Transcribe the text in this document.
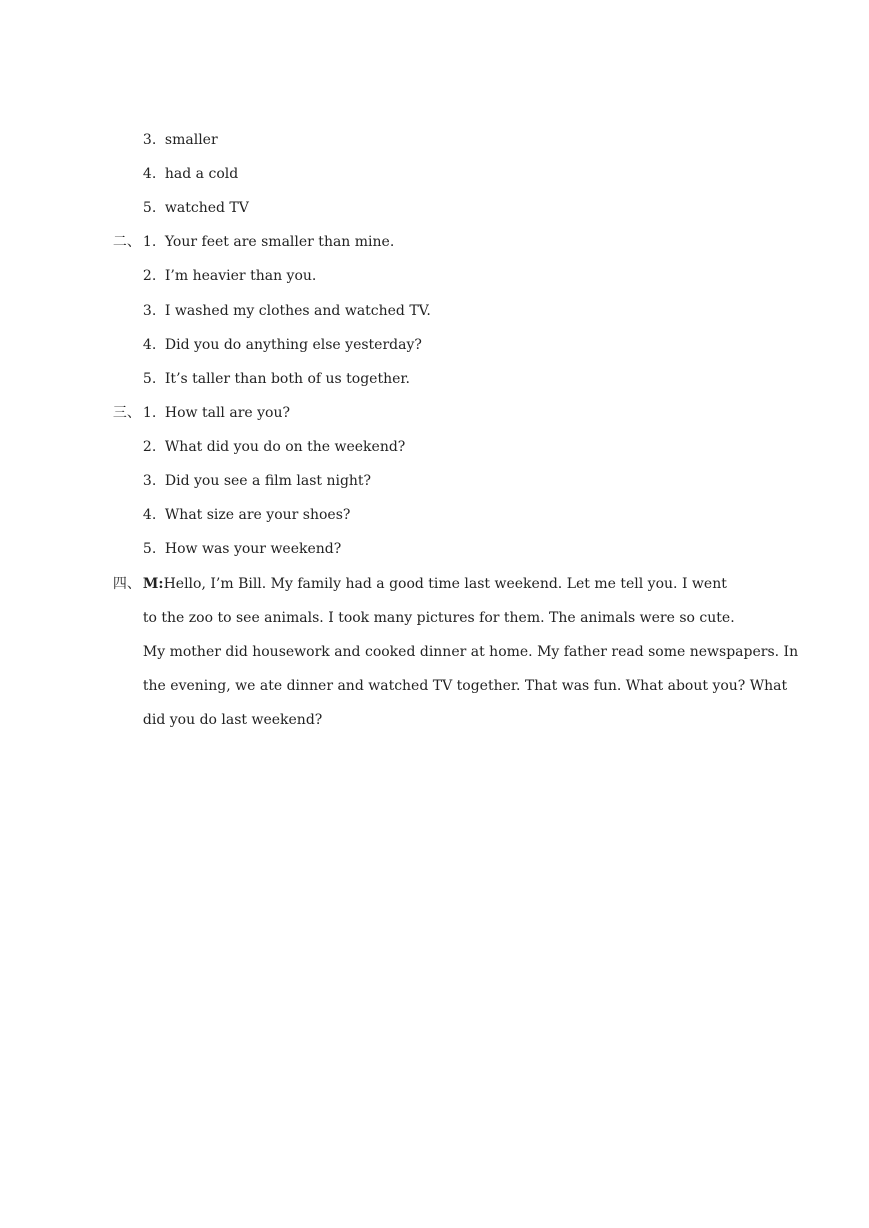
3. smaller

4. had a cold

5. watched TV

二、 1. Your feet are smaller than mine.

2. I’m heavier than you.

3. I washed my clothes and watched TV.

4. Did you do anything else yesterday?

5. It’s taller than both of us together.

三、 1. How tall are you?

2. What did you do on the weekend?

3. Did you see a film last night?

4. What size are your shoes?

5. How was your weekend?

四、 M:Hello, I’m Bill. My family had a good time last weekend. Let me tell you. I went

to the zoo to see animals. I took many pictures for them. The animals were so cute.

My mother did housework and cooked dinner at home. My father read some newspapers. In

the evening, we ate dinner and watched TV together. That was fun. What about you? What

did you do last weekend?
